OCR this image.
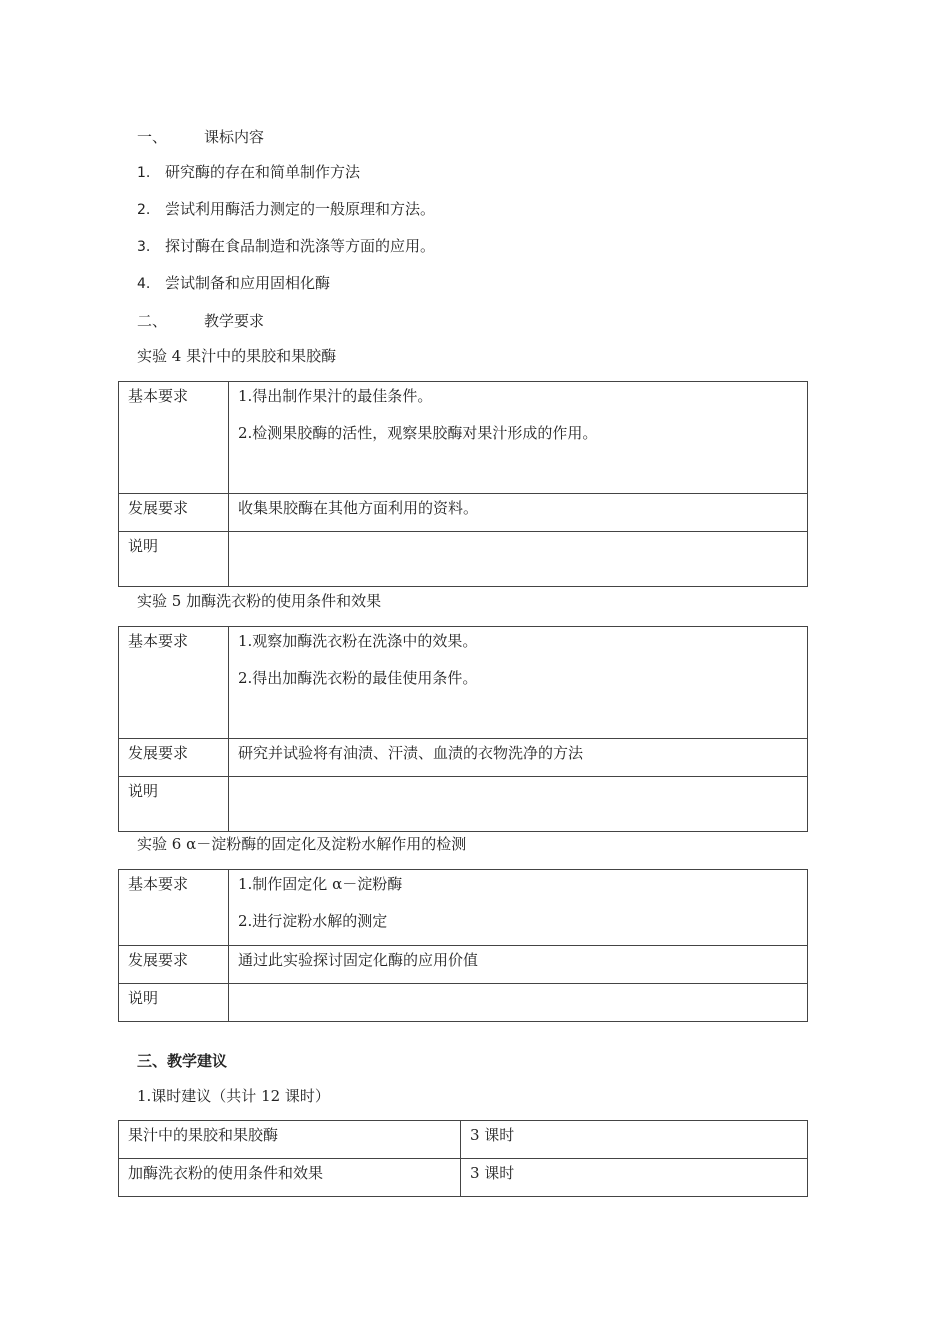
一、 课标内容
1. 研究酶的存在和简单制作方法
2. 尝试利用酶活力测定的一般原理和方法。
3. 探讨酶在食品制造和洗涤等方面的应用。
4. 尝试制备和应用固相化酶
二、 教学要求
实验 4 果汁中的果胶和果胶酶
基本要求	1.得出制作果汁的最佳条件。

2.检测果胶酶的活性，观察果胶酶对果汁形成的作用。

发展要求	收集果胶酶在其他方面利用的资料。
说明	
实验 5 加酶洗衣粉的使用条件和效果
基本要求	1.观察加酶洗衣粉在洗涤中的效果。

2.得出加酶洗衣粉的最佳使用条件。

发展要求	研究并试验将有油渍、汗渍、血渍的衣物洗净的方法
说明	
实验 6 α－淀粉酶的固定化及淀粉水解作用的检测
基本要求	1.制作固定化 α－淀粉酶

2.进行淀粉水解的测定

发展要求	通过此实验探讨固定化酶的应用价值
说明	
三、教学建议
1.课时建议（共计 12 课时）
果汁中的果胶和果胶酶	3 课时
加酶洗衣粉的使用条件和效果	3 课时
